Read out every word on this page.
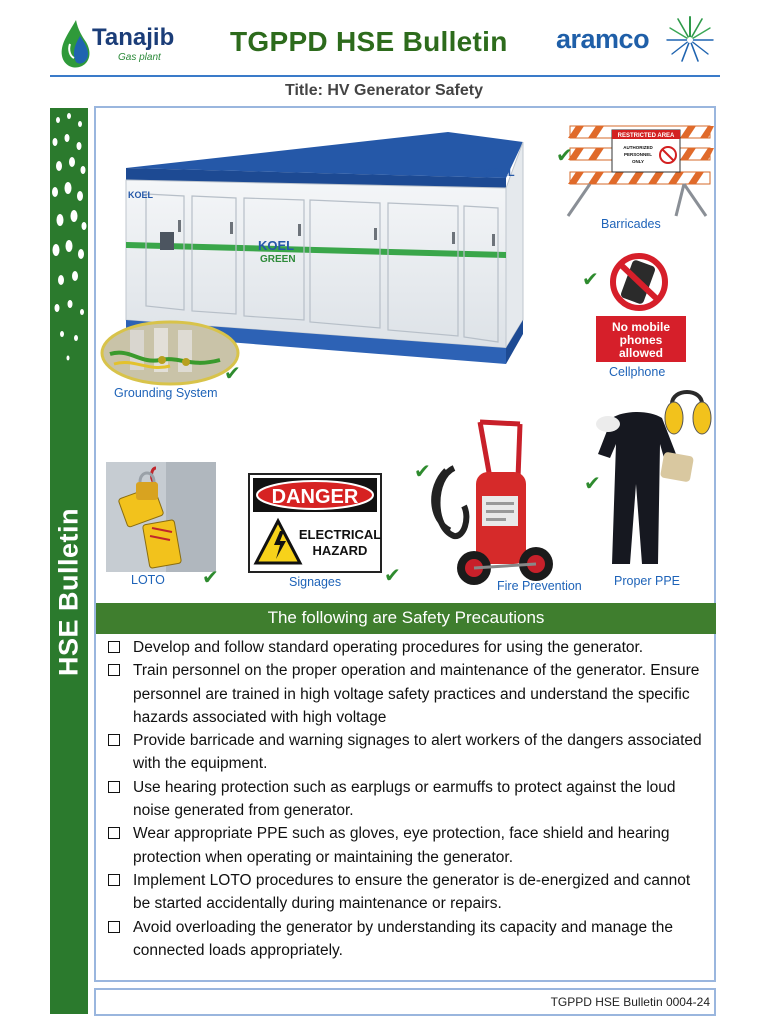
Tanajib
Gas plant
TGPPD HSE Bulletin aramco
Title: HV Generator Safety
HSE Bulletin
KOEL
KOEL
GREEN
KOEL
Grounding System
✔
RESTRICTED AREA
AUTHORIZED
PERSONNEL
ONLY
Barricades
✔
No mobile
phones
allowed
Cellphone
✔
LOTO ✔
DANGER
ELECTRICAL
HAZARD
Signages ✔	Fire Prevention
✔
Proper PPE
✔
The following are Safety Precautions
Develop and follow standard operating procedures for using the generator.
Train personnel on the proper operation and maintenance of the generator. Ensure personnel are trained in high voltage safety practices and understand the specific hazards associated with high voltage
Provide barricade and warning signages to alert workers of the dangers associated with the equipment.
Use hearing protection such as earplugs or earmuffs to protect against the loud noise generated from generator.
Wear appropriate PPE such as gloves, eye protection, face shield and hearing protection when operating or maintaining the generator.
Implement LOTO procedures to ensure the generator is de-energized and cannot be started accidentally during maintenance or repairs.
Avoid overloading the generator by understanding its capacity and manage the connected loads appropriately.
TGPPD HSE Bulletin 0004-24
